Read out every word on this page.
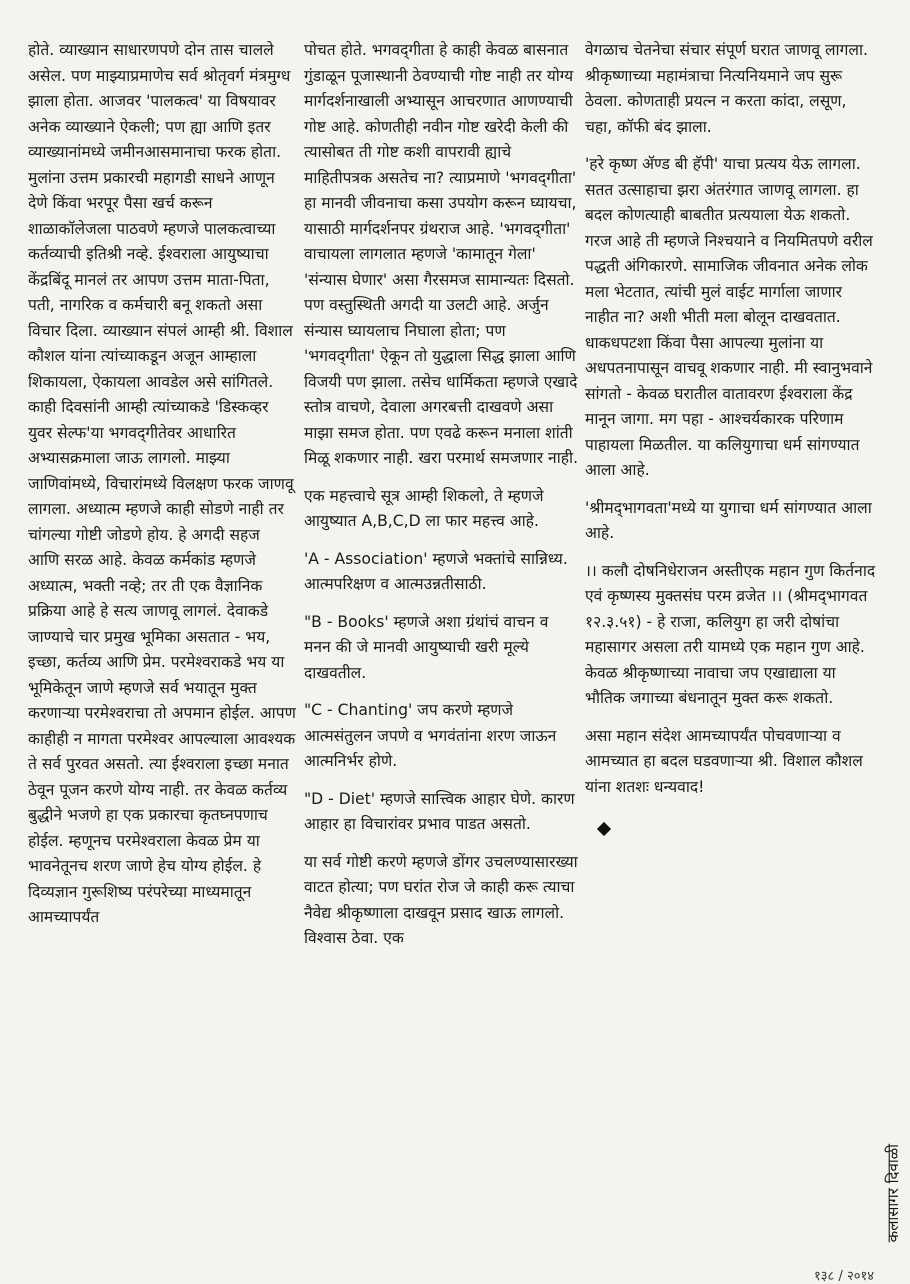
होते. व्याख्यान साधारणपणे दोन तास चालले असेल. पण माझ्याप्रमाणेच सर्व श्रोतृवर्ग मंत्रमुग्ध झाला होता. आजवर 'पालकत्व' या विषयावर अनेक व्याख्याने ऐकली; पण ह्या आणि इतर व्याख्यानांमध्ये जमीनआसमानाचा फरक होता. मुलांना उत्तम प्रकारची महागडी साधने आणून देणे किंवा भरपूर पैसा खर्च करून शाळाकॉलेजला पाठवणे म्हणजे पालकत्वाच्या कर्तव्याची इतिश्री नव्हे. ईश्वराला आयुष्याचा केंद्रबिंदू मानलं तर आपण उत्तम माता-पिता, पती, नागरिक व कर्मचारी बनू शकतो असा विचार दिला. व्याख्यान संपलं आम्ही श्री. विशाल कौशल यांना त्यांच्याकडून अजून आम्हाला शिकायला, ऐकायला आवडेल असे सांगितले. काही दिवसांनी आम्ही त्यांच्याकडे 'डिस्कव्हर युवर सेल्फ'या भगवद्‌गीतेवर आधारित अभ्यासक्रमाला जाऊ लागलो. माझ्या जाणिवांमध्ये, विचारांमध्ये विलक्षण फरक जाणवू लागला. अध्यात्म म्हणजे काही सोडणे नाही तर चांगल्या गोष्टी जोडणे होय. हे अगदी सहज आणि सरळ आहे. केवळ कर्मकांड म्हणजे अध्यात्म, भक्ती नव्हे; तर ती एक वैज्ञानिक प्रक्रिया आहे हे सत्य जाणवू लागलं. देवाकडे जाण्याचे चार प्रमुख भूमिका असतात - भय, इच्छा, कर्तव्य आणि प्रेम. परमेश्वराकडे भय या भूमिकेतून जाणे म्हणजे सर्व भयातून मुक्त करणाऱ्या परमेश्वराचा तो अपमान होईल. आपण काहीही न मागता परमेश्वर आपल्याला आवश्यक ते सर्व पुरवत असतो. त्या ईश्वराला इच्छा मनात ठेवून पूजन करणे योग्य नाही. तर केवळ कर्तव्य बुद्धीने भजणे हा एक प्रकारचा कृतघ्नपणाच होईल. म्हणूनच परमेश्वराला केवळ प्रेम या भावनेतूनच शरण जाणे हेच योग्य होईल. हे दिव्यज्ञान गुरूशिष्य परंपरेच्या माध्यमातून आमच्यापर्यंत

पोचत होते. भगवद्‌गीता हे काही केवळ बासनात गुंडाळून पूजास्थानी ठेवण्याची गोष्ट नाही तर योग्य मार्गदर्शनाखाली अभ्यासून आचरणात आणण्याची गोष्ट आहे. कोणतीही नवीन गोष्ट खरेदी केली की त्यासोबत ती गोष्ट कशी वापरावी ह्याचे माहितीपत्रक असतेच ना? त्याप्रमाणे 'भगवद्‌गीता' हा मानवी जीवनाचा कसा उपयोग करून घ्यायचा, यासाठी मार्गदर्शनपर ग्रंथराज आहे. 'भगवद्‌गीता' वाचायला लागलात म्हणजे 'कामातून गेला' 'संन्यास घेणार' असा गैरसमज सामान्यतः दिसतो. पण वस्तुस्थिती अगदी या उलटी आहे. अर्जुन संन्यास घ्यायलाच निघाला होता; पण 'भगवद्‌गीता' ऐकून तो युद्धाला सिद्ध झाला आणि विजयी पण झाला. तसेच धार्मिकता म्हणजे एखादे स्तोत्र वाचणे, देवाला अगरबत्ती दाखवणे असा माझा समज होता. पण एवढे करून मनाला शांती मिळू शकणार नाही. खरा परमार्थ समजणार नाही.

एक महत्त्वाचे सूत्र आम्ही शिकलो, ते म्हणजे आयुष्यात A,B,C,D ला फार महत्त्व आहे.

'A - Association' म्हणजे भक्तांचे सान्निध्य. आत्मपरिक्षण व आत्मउन्नतीसाठी.

"B - Books' म्हणजे अशा ग्रंथांचं वाचन व मनन की जे मानवी आयुष्याची खरी मूल्ये दाखवतील.

"C - Chanting' जप करणे म्हणजे आत्मसंतुलन जपणे व भगवंतांना शरण जाऊन आत्मनिर्भर होणे.

"D - Diet' म्हणजे सात्त्विक आहार घेणे. कारण आहार हा विचारांवर प्रभाव पाडत असतो.

या सर्व गोष्टी करणे म्हणजे डोंगर उचलण्यासारख्या वाटत होत्या; पण घरांत रोज जे काही करू त्याचा नैवेद्य श्रीकृष्णाला दाखवून प्रसाद खाऊ लागलो. विश्वास ठेवा. एक

वेगळाच चेतनेचा संचार संपूर्ण घरात जाणवू लागला. श्रीकृष्णाच्या महामंत्राचा नित्यनियमाने जप सुरू ठेवला. कोणताही प्रयत्न न करता कांदा, लसूण, चहा, कॉफी बंद झाला.

'हरे कृष्ण ॲण्ड बी हॅपी' याचा प्रत्यय येऊ लागला. सतत उत्साहाचा झरा अंतरंगात जाणवू लागला. हा बदल कोणत्याही बाबतीत प्रत्ययाला येऊ शकतो. गरज आहे ती म्हणजे निश्चयाने व नियमितपणे वरील पद्धती अंगिकारणे. सामाजिक जीवनात अनेक लोक मला भेटतात, त्यांची मुलं वाईट मार्गाला जाणार नाहीत ना? अशी भीती मला बोलून दाखवतात. धाकधपटशा किंवा पैसा आपल्या मुलांना या अधपतनापासून वाचवू शकणार नाही. मी स्वानुभवाने सांगतो - केवळ घरातील वातावरण ईश्वराला केंद्र मानून जागा. मग पहा - आश्चर्यकारक परिणाम पाहायला मिळतील. या कलियुगाचा धर्म सांगण्यात आला आहे.

'श्रीमद्‌भागवता'मध्ये या युगाचा धर्म सांगण्यात आला आहे.

।। कलौ दोषनिधेराजन अस्तीएक महान गुण किर्तनाद एवं कृष्णस्य मुक्तसंघ परम व्रजेत ।। (श्रीमद्‌भागवत १२.३.५१) - हे राजा, कलियुग हा जरी दोषांचा महासागर असला तरी यामध्ये एक महान गुण आहे. केवळ श्रीकृष्णाच्या नावाचा जप एखाद्याला या भौतिक जगाच्या बंधनातून मुक्त करू शकतो.

असा महान संदेश आमच्यापर्यंत पोचवणाऱ्या व आमच्यात हा बदल घडवणाऱ्या श्री. विशाल कौशल यांना शतशः धन्यवाद!

कलासागर दिवाळी
१३८ / २०१४
